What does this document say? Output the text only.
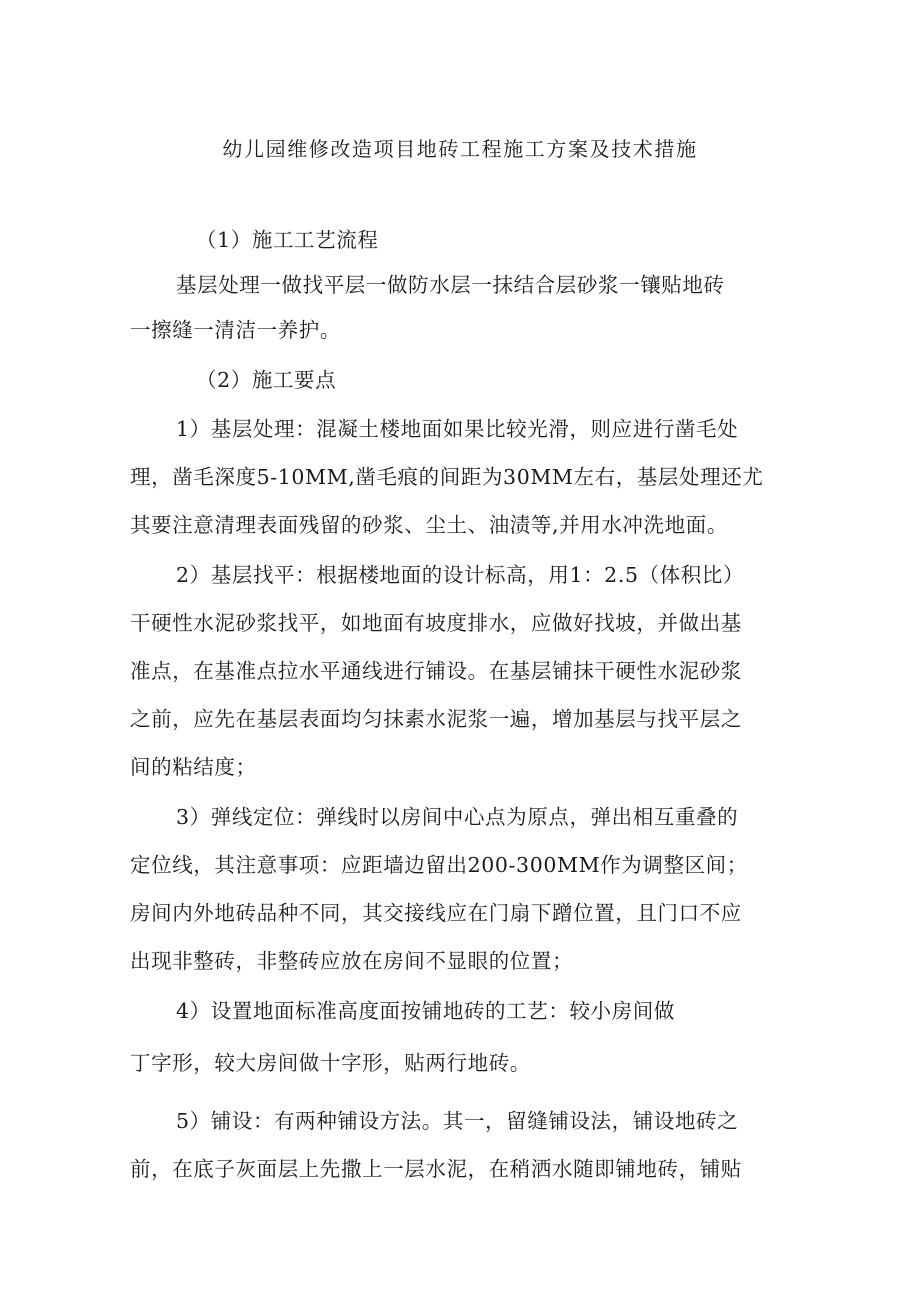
幼儿园维修改造项目地砖工程施工方案及技术措施
（1）施工工艺流程
基层处理一做找平层一做防水层一抹结合层砂浆一镶贴地砖
一擦缝一清洁一养护。
（2）施工要点
1）基层处理：混凝土楼地面如果比较光滑，则应进行凿毛处
理，凿毛深度5-10MM,凿毛痕的间距为30MM左右，基层处理还尤
其要注意清理表面残留的砂浆、尘土、油渍等,并用水冲洗地面。
2）基层找平：根据楼地面的设计标高，用1：2.5（体积比）
干硬性水泥砂浆找平，如地面有坡度排水，应做好找坡，并做出基
准点，在基准点拉水平通线进行铺设。在基层铺抹干硬性水泥砂浆
之前，应先在基层表面均匀抹素水泥浆一遍，增加基层与找平层之
间的粘结度；
3）弹线定位：弹线时以房间中心点为原点，弹出相互重叠的
定位线，其注意事项：应距墙边留出200-300MM作为调整区间；
房间内外地砖品种不同，其交接线应在门扇下蹭位置，且门口不应
出现非整砖，非整砖应放在房间不显眼的位置；
4）设置地面标准高度面按铺地砖的工艺：较小房间做
丁字形，较大房间做十字形，贴两行地砖。
5）铺设：有两种铺设方法。其一，留缝铺设法，铺设地砖之
前，在底子灰面层上先撒上一层水泥，在稍洒水随即铺地砖，铺贴
